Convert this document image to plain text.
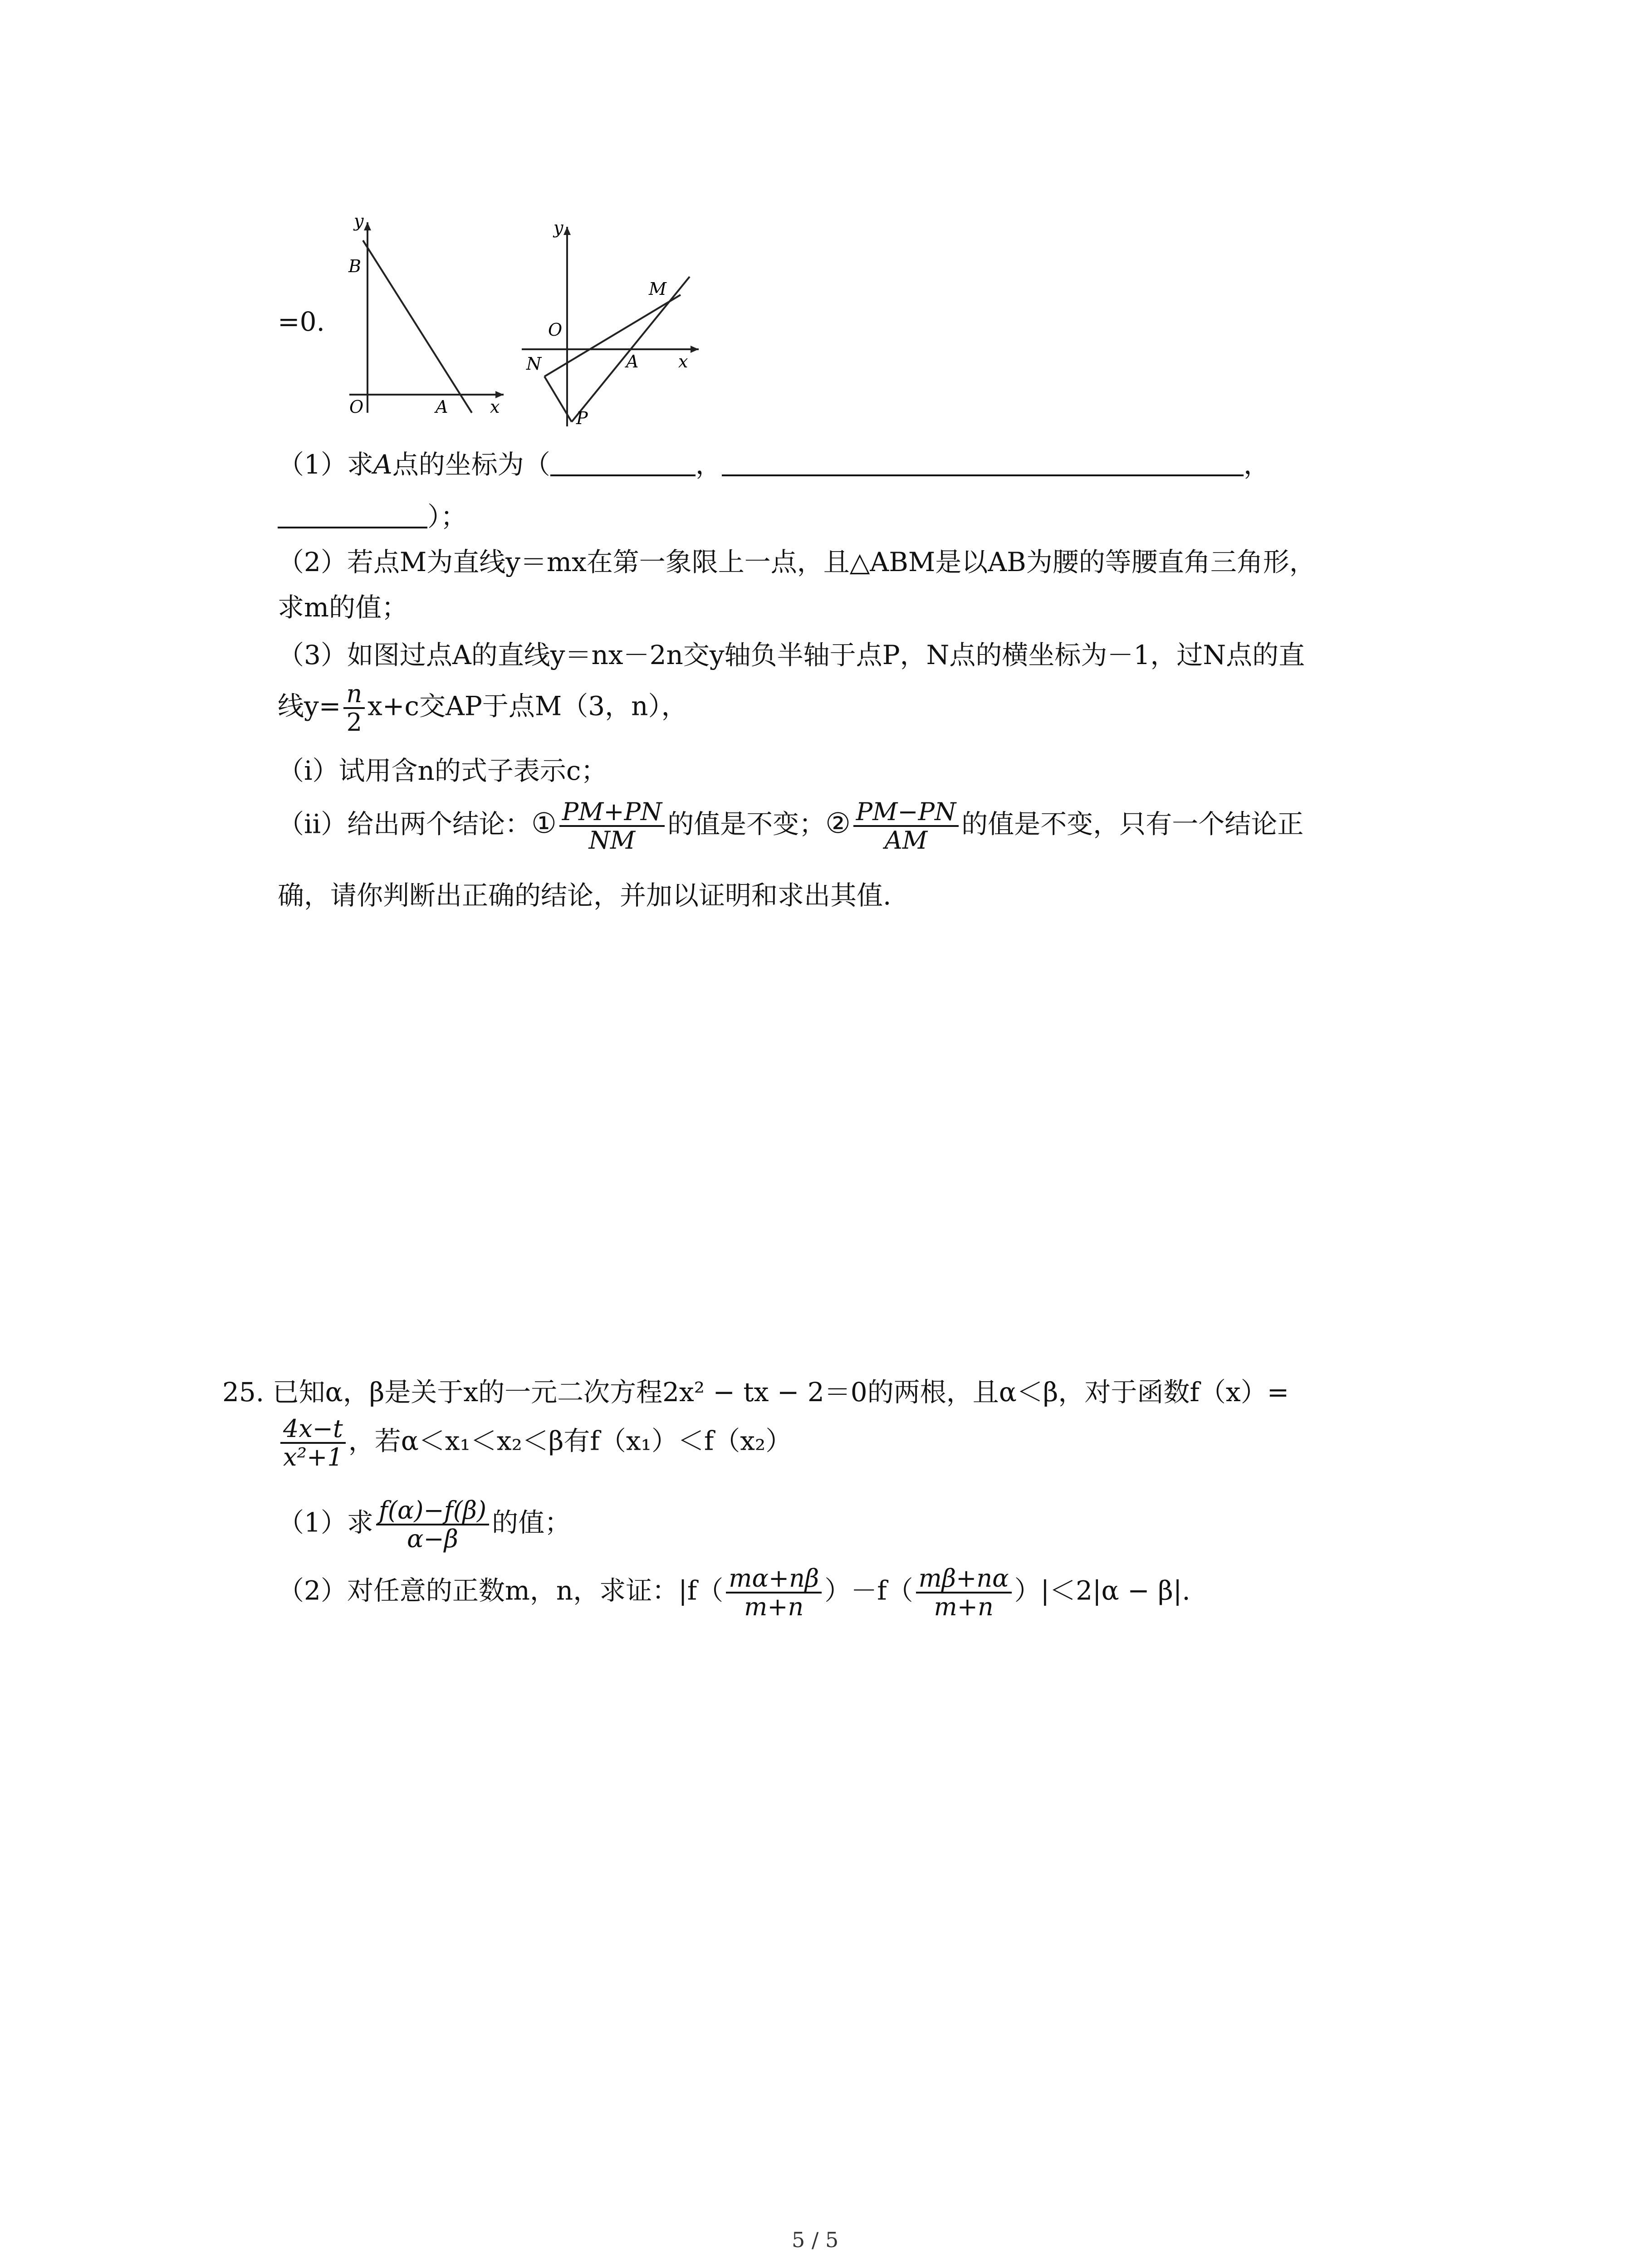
=0.
y
x
B
O	A
y
x
O
M
N	A
P
（1）求A点的坐标为（	，	，
）；
（2）若点M为直线y＝mx在第一象限上一点，且△ABM是以AB为腰的等腰直角三角形，
求m的值；
（3）如图过点A的直线y＝nx－2n交y轴负半轴于点P，N点的横坐标为－1，过N点的直
线$y= \frac{n}{2} x+c$交AP于点M（3，n），
（i）试用含n的式子表示c；
（ii）给出两个结论：① $\frac{PM+PN}{NM}$ 的值是不变；② $\frac{PM-PN}{AM}$ 的值是不变，只有一个结论正
确，请你判断出正确的结论，并加以证明和求出其值.
25. 已知α，β是关于x的一元二次方程2x² − tx − 2＝0的两根，且α＜β，对于函数f（x）=
$\frac{4x-t}{\text{x²+1}}$ ，若α＜x₁＜x₂＜β有f（x₁）＜f（x₂）
（1）求 $\frac{f(\alpha)-f(\beta)}{\alpha-\beta}$ 的值；
（2）对任意的正数m，n，求证：$|f( \frac{m\alpha+n\beta}{m+n} )-f( \frac{m\beta+n\alpha}{m+n} )|<2|\alpha - \beta|$.
5 / 5
